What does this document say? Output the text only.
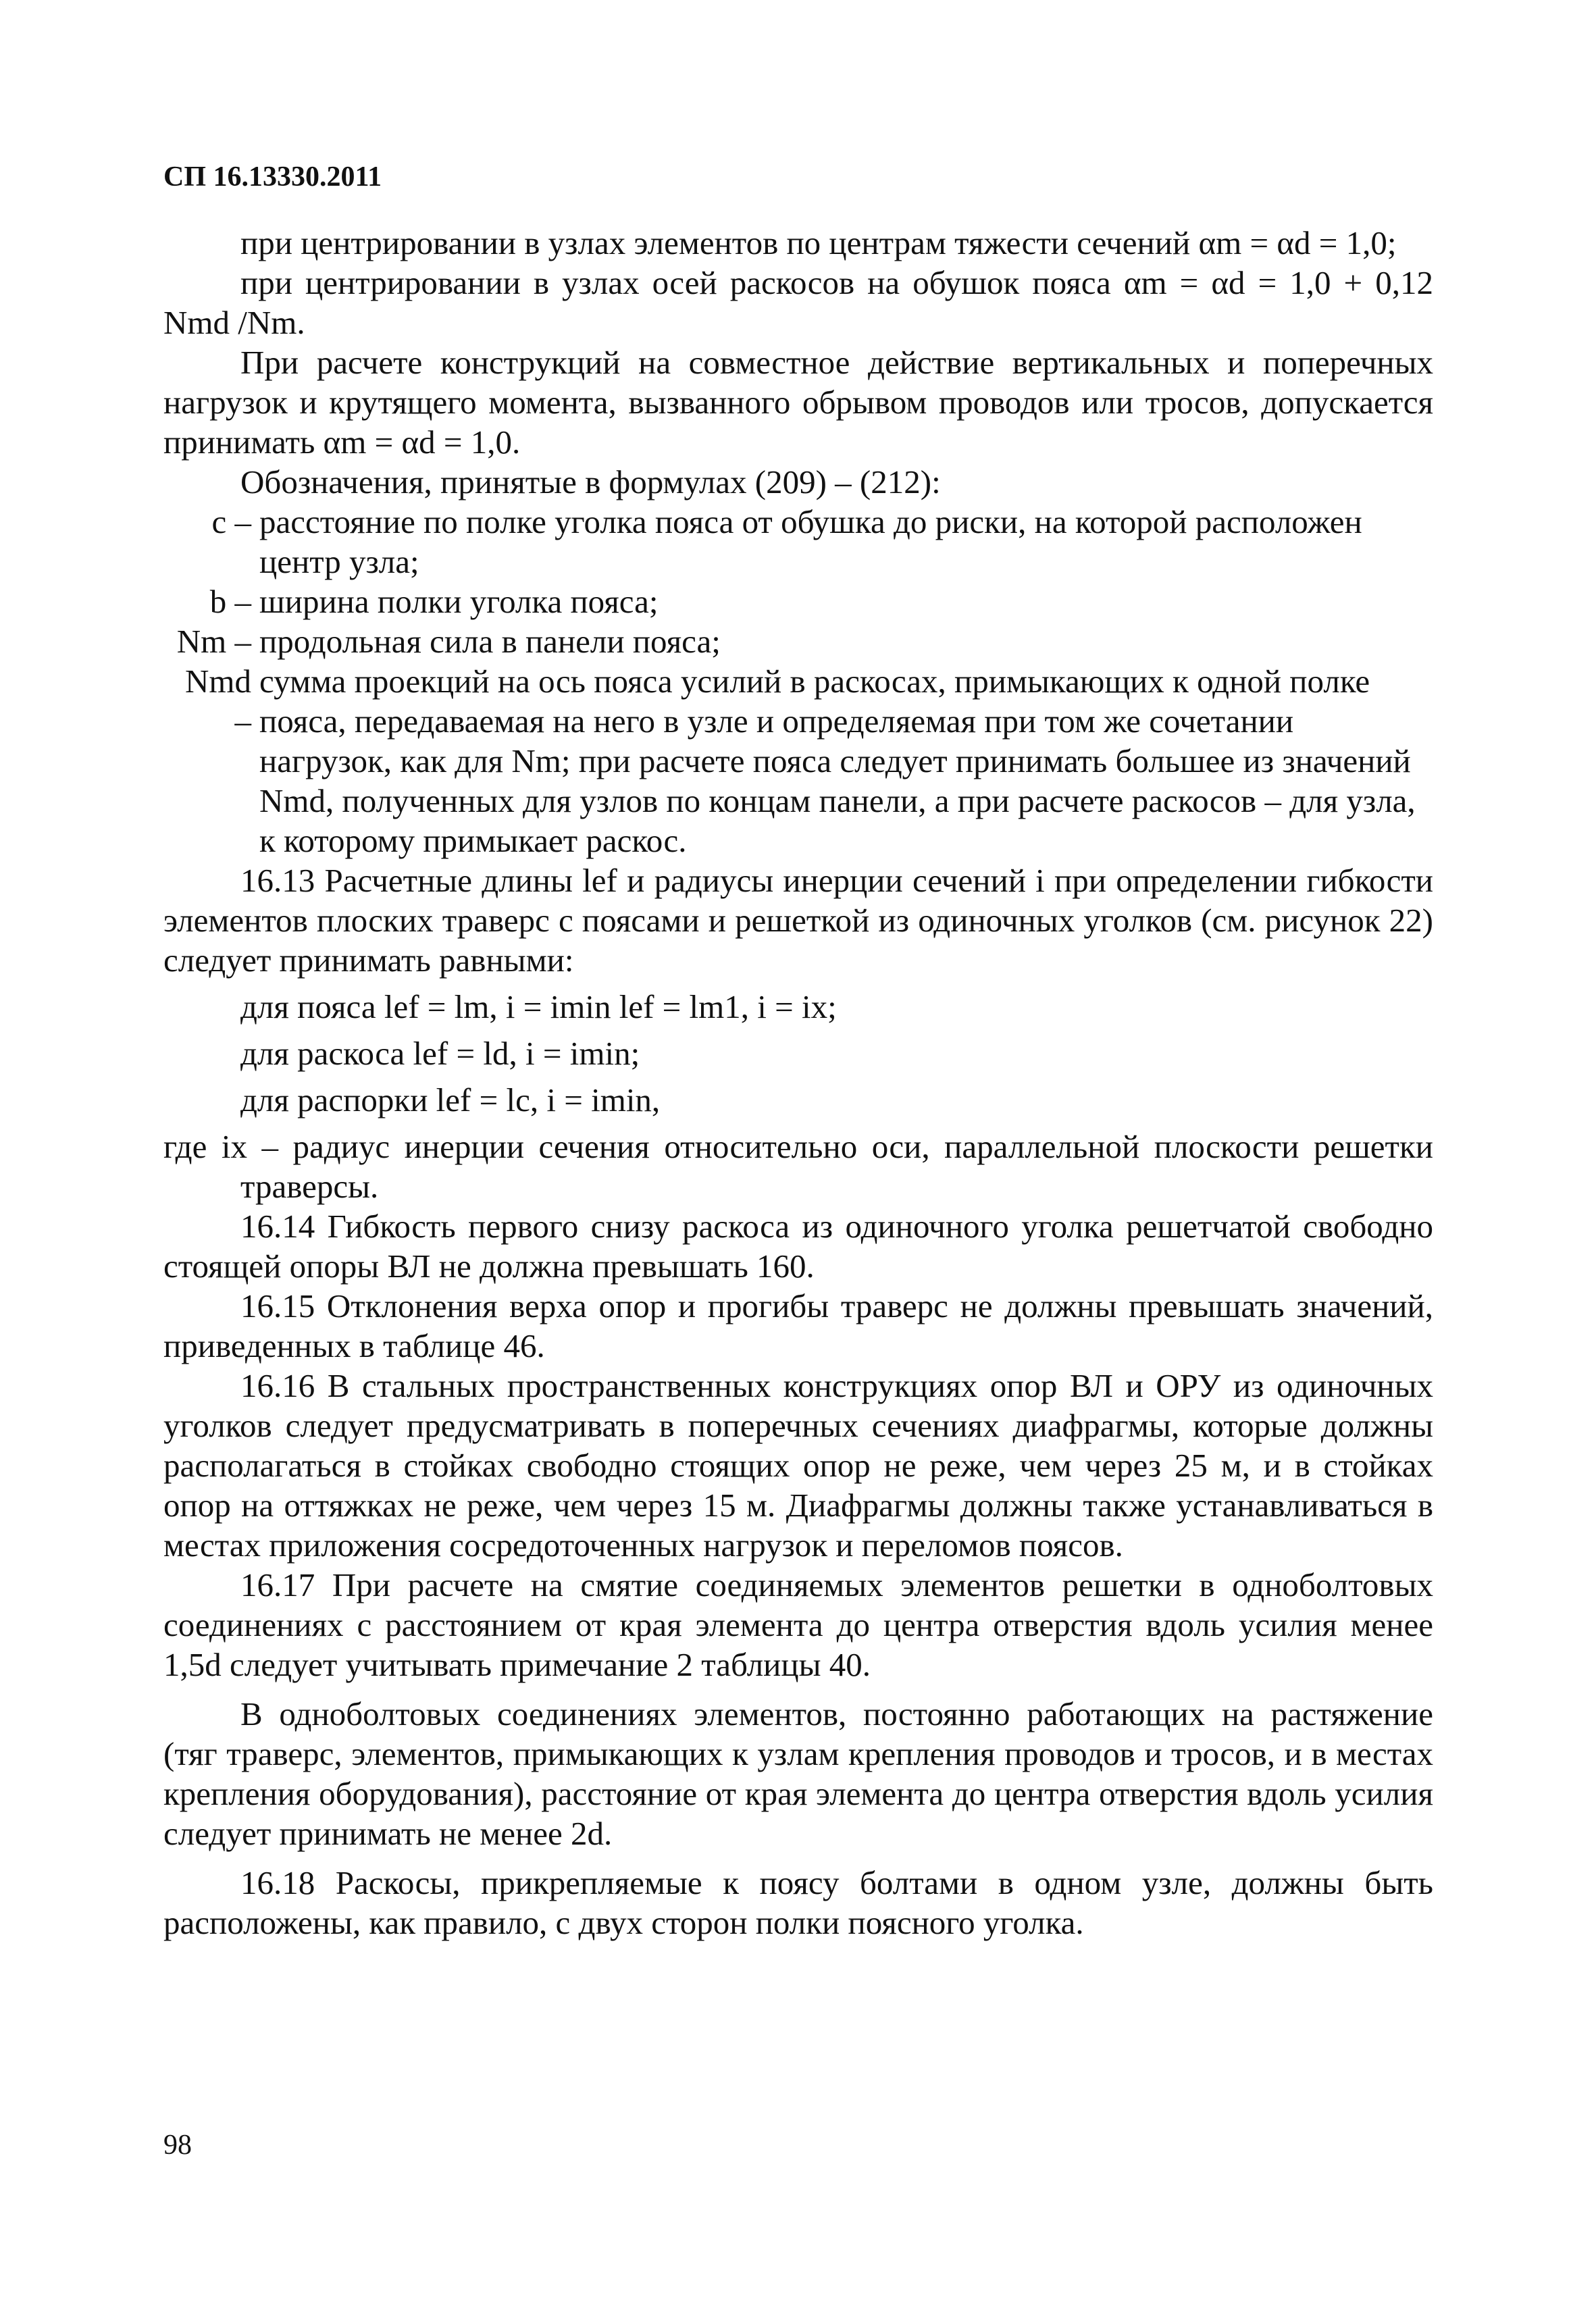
СП 16.13330.2011

при центрировании в узлах элементов по центрам тяжести сечений αm = αd = 1,0;

при центрировании в узлах осей раскосов на обушок пояса αm = αd = 1,0 + 0,12 Nmd /Nm.

При расчете конструкций на совместное действие вертикальных и поперечных нагрузок и крутящего момента, вызванного обрывом проводов или тросов, допускается принимать αm = αd = 1,0.

Обозначения, принятые в формулах (209) – (212):

c – расстояние по полке уголка пояса от обушка до риски, на которой расположен центр узла;
b – ширина полки уголка пояса;
Nm – продольная сила в панели пояса;
Nmd –
сумма проекций на ось пояса усилий в раскосах, примыкающих к одной полке пояса, передаваемая на него в узле и определяемая при том же сочетании нагрузок, как для Nm; при расчете пояса следует принимать большее из значений Nmd, полученных для узлов по концам панели, а при расчете раскосов – для узла, к которому примыкает раскос.

16.13 Расчетные длины lef и радиусы инерции сечений i при определении гибкости элементов плоских траверс с поясами и решеткой из одиночных уголков (см. рисунок 22) следует принимать равными:

для пояса lef = lm, i = imin lef = lm1, i = ix;

для раскоса lef = ld, i = imin;

для распорки lef = lc, i = imin,

где ix – радиус инерции сечения относительно оси, параллельной плоскости решетки траверсы.

16.14 Гибкость первого снизу раскоса из одиночного уголка решетчатой свободно стоящей опоры ВЛ не должна превышать 160.

16.15 Отклонения верха опор и прогибы траверс не должны превышать значений, приведенных в таблице 46.

16.16 В стальных пространственных конструкциях опор ВЛ и ОРУ из одиночных уголков следует предусматривать в поперечных сечениях диафрагмы, которые должны располагаться в стойках свободно стоящих опор не реже, чем через 25 м, и в стойках опор на оттяжках не реже, чем через 15 м. Диафрагмы должны также устанавливаться в местах приложения сосредоточенных нагрузок и переломов поясов.

16.17 При расчете на смятие соединяемых элементов решетки в одноболтовых соединениях с расстоянием от края элемента до центра отверстия вдоль усилия менее 1,5d следует учитывать примечание 2 таблицы 40.

В одноболтовых соединениях элементов, постоянно работающих на растяжение (тяг траверс, элементов, примыкающих к узлам крепления проводов и тросов, и в местах крепления оборудования), расстояние от края элемента до центра отверстия вдоль усилия следует принимать не менее 2d.

16.18 Раскосы, прикрепляемые к поясу болтами в одном узле, должны быть расположены, как правило, с двух сторон полки поясного уголка.

98
